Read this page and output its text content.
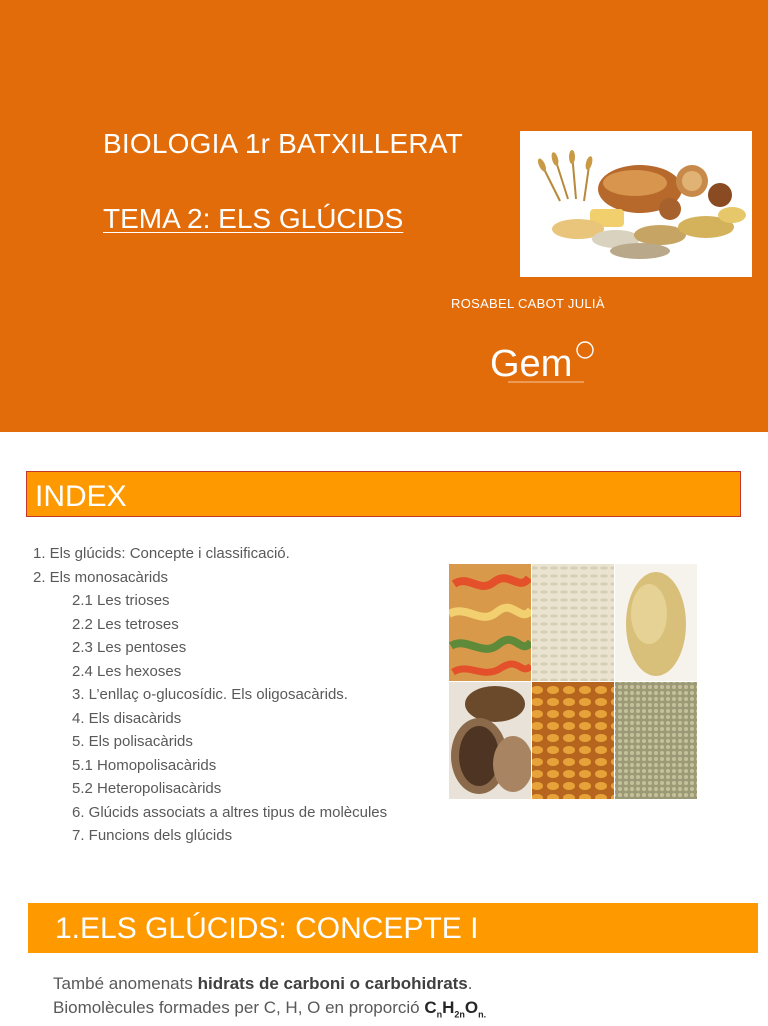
BIOLOGIA 1r BATXILLERAT
TEMA 2: ELS GLÚCIDS
ROSABEL CABOT JULIÀ
Gem
INDEX
1. Els glúcids: Concepte i classificació.
2. Els monosacàrids
2.1 Les trioses
2.2 Les tetroses
2.3 Les pentoses
2.4 Les hexoses
3. L’enllaç o-glucosídic. Els oligosacàrids.
4. Els disacàrids
5. Els polisacàrids
5.1 Homopolisacàrids
5.2 Heteropolisacàrids
6. Glúcids associats a altres tipus de molècules
7. Funcions dels glúcids
1.ELS GLÚCIDS: CONCEPTE I
També anomenats hidrats de carboni o carbohidrats.
Biomolècules formades per C, H, O en proporció $C_nH_{2n}O_{n.}$
